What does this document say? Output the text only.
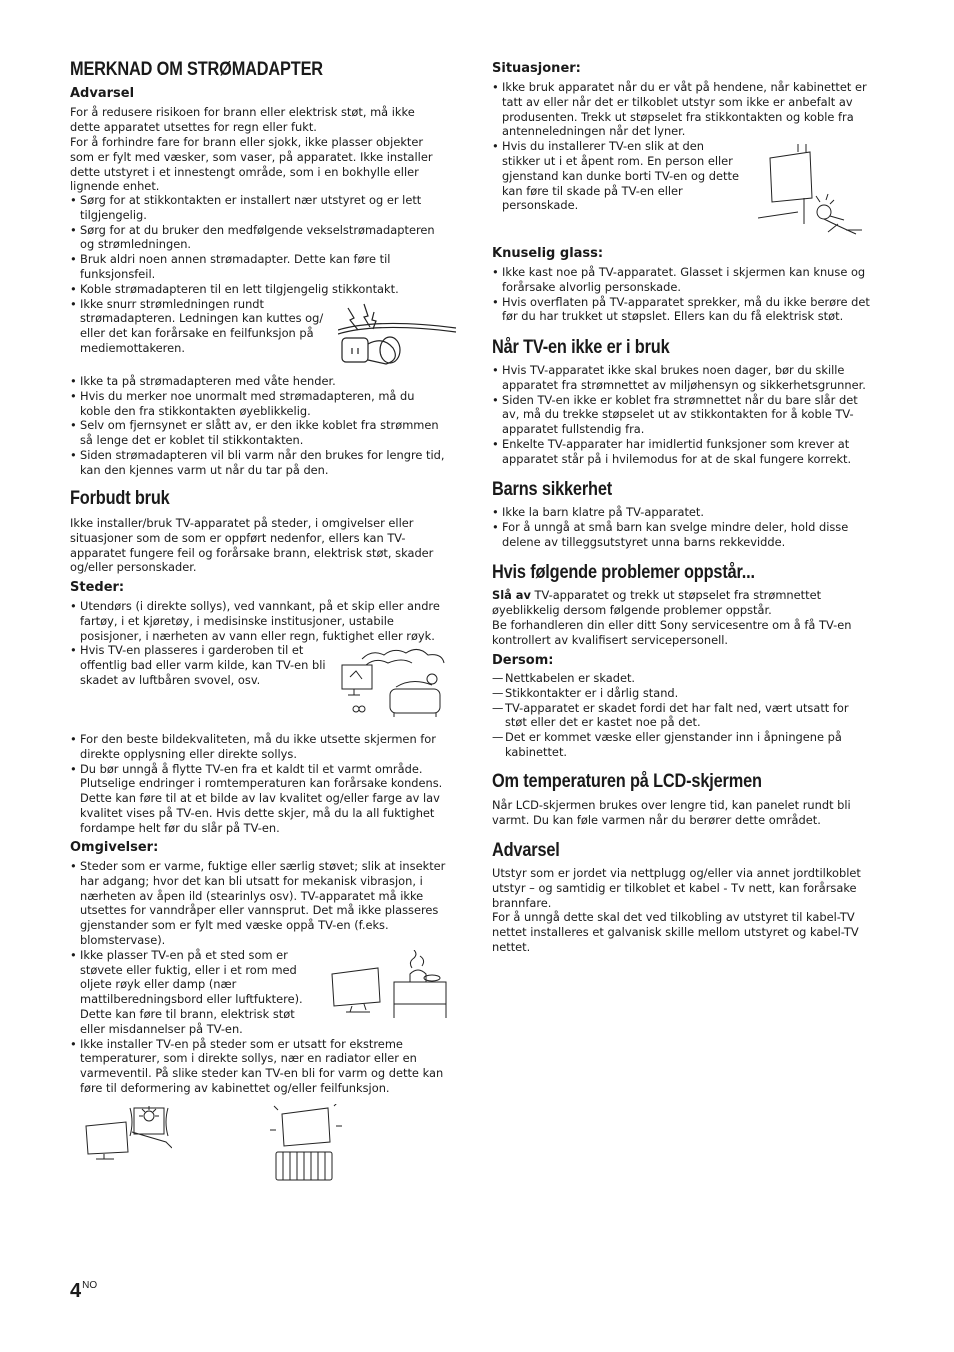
MERKNAD OM STRØMADAPTER
Advarsel

For å redusere risikoen for brann eller elektrisk støt, må ikke dette apparatet utsettes for regn eller fukt.

For å forhindre fare for brann eller sjokk, ikke plasser objekter som er fylt med væsker, som vaser, på apparatet. Ikke installer dette utstyret i et innestengt område, som i en bokhylle eller lignende enhet.

• Sørg for at stikkontakten er installert nær utstyret og er lett tilgjengelig.
• Sørg for at du bruker den medfølgende vekselstrømadapteren og strømledningen.
• Bruk aldri noen annen strømadapter. Dette kan føre til funksjonsfeil.
• Koble strømadapteren til en lett tilgjengelig stikkontakt.
• Ikke snurr strømledningen rundt strømadapteren. Ledningen kan kuttes og/ eller det kan forårsake en feilfunksjon på mediemottakeren.
• Ikke ta på strømadapteren med våte hender.
• Hvis du merker noe unormalt med strømadapteren, må du koble den fra stikkontakten øyeblikkelig.
• Selv om fjernsynet er slått av, er den ikke koblet fra strømmen så lenge det er koblet til stikkontakten.
• Siden strømadapteren vil bli varm når den brukes for lengre tid, kan den kjennes varm ut når du tar på den.
Forbudt bruk

Ikke installer/bruk TV-apparatet på steder, i omgivelser eller situasjoner som de som er oppført nedenfor, ellers kan TV-apparatet fungere feil og forårsake brann, elektrisk støt, skader og/eller personskader.

Steder:
• Utendørs (i direkte sollys), ved vannkant, på et skip eller andre fartøy, i et kjøretøy, i medisinske institusjoner, ustabile posisjoner, i nærheten av vann eller regn, fuktighet eller røyk.
• Hvis TV-en plasseres i garderoben til et offentlig bad eller varm kilde, kan TV-en bli skadet av luftbåren svovel, osv.
• For den beste bildekvaliteten, må du ikke utsette skjermen for direkte opplysning eller direkte sollys.
• Du bør unngå å flytte TV-en fra et kaldt til et varmt område. Plutselige endringer i romtemperaturen kan forårsake kondens. Dette kan føre til at et bilde av lav kvalitet og/eller farge av lav kvalitet vises på TV-en. Hvis dette skjer, må du la all fuktighet fordampe helt før du slår på TV-en.
Omgivelser:
• Steder som er varme, fuktige eller særlig støvet; slik at insekter har adgang; hvor det kan bli utsatt for mekanisk vibrasjon, i nærheten av åpen ild (stearinlys osv). TV-apparatet må ikke utsettes for vanndråper eller vannsprut. Det må ikke plasseres gjenstander som er fylt med væske oppå TV-en (f.eks. blomstervase).
• Ikke plasser TV-en på et sted som er støvete eller fuktig, eller i et rom med oljete røyk eller damp (nær mattilberedningsbord eller luftfuktere). Dette kan føre til brann, elektrisk støt eller misdannelser på TV-en.
• Ikke installer TV-en på steder som er utsatt for ekstreme temperaturer, som i direkte sollys, nær en radiator eller en varmeventil. På slike steder kan TV-en bli for varm og dette kan føre til deformering av kabinettet og/eller feilfunksjon.
Situasjoner:
• Ikke bruk apparatet når du er våt på hendene, når kabinettet er tatt av eller når det er tilkoblet utstyr som ikke er anbefalt av produsenten. Trekk ut støpselet fra stikkontakten og koble fra antenneledningen når det lyner.
• Hvis du installerer TV-en slik at den stikker ut i et åpent rom. En person eller gjenstand kan dunke borti TV-en og dette kan føre til skade på TV-en eller personskade.
Knuselig glass:
• Ikke kast noe på TV-apparatet. Glasset i skjermen kan knuse og forårsake alvorlig personskade.
• Hvis overflaten på TV-apparatet sprekker, må du ikke berøre det før du har trukket ut støpslet. Ellers kan du få elektrisk støt.
Når TV-en ikke er i bruk
• Hvis TV-apparatet ikke skal brukes noen dager, bør du skille apparatet fra strømnettet av miljøhensyn og sikkerhetsgrunner.
• Siden TV-en ikke er koblet fra strømnettet når du bare slår det av, må du trekke støpselet ut av stikkontakten for å koble TV-apparatet fullstendig fra.
• Enkelte TV-apparater har imidlertid funksjoner som krever at apparatet står på i hvilemodus for at de skal fungere korrekt.
Barns sikkerhet
• Ikke la barn klatre på TV-apparatet.
• For å unngå at små barn kan svelge mindre deler, hold disse delene av tilleggsutstyret unna barns rekkevidde.
Hvis følgende problemer oppstår...

Slå av TV-apparatet og trekk ut støpselet fra strømnettet øyeblikkelig dersom følgende problemer oppstår.

Be forhandleren din eller ditt Sony servicesentre om å få TV-en kontrollert av kvalifisert servicepersonell.

Dersom:
— Nettkabelen er skadet.
— Stikkontakter er i dårlig stand.
— TV-apparatet er skadet fordi det har falt ned, vært utsatt for støt eller det er kastet noe på det.
— Det er kommet væske eller gjenstander inn i åpningene på kabinettet.
Om temperaturen på LCD-skjermen

Når LCD-skjermen brukes over lengre tid, kan panelet rundt bli varmt. Du kan føle varmen når du berører dette området.

Advarsel

Utstyr som er jordet via nettplugg og/eller via annet jordtilkoblet utstyr – og samtidig er tilkoblet et kabel - Tv nett, kan forårsake brannfare.

For å unngå dette skal det ved tilkobling av utstyret til kabel-TV nettet installeres et galvanisk skille mellom utstyret og kabel-TV nettet.

$4^{NO}$
